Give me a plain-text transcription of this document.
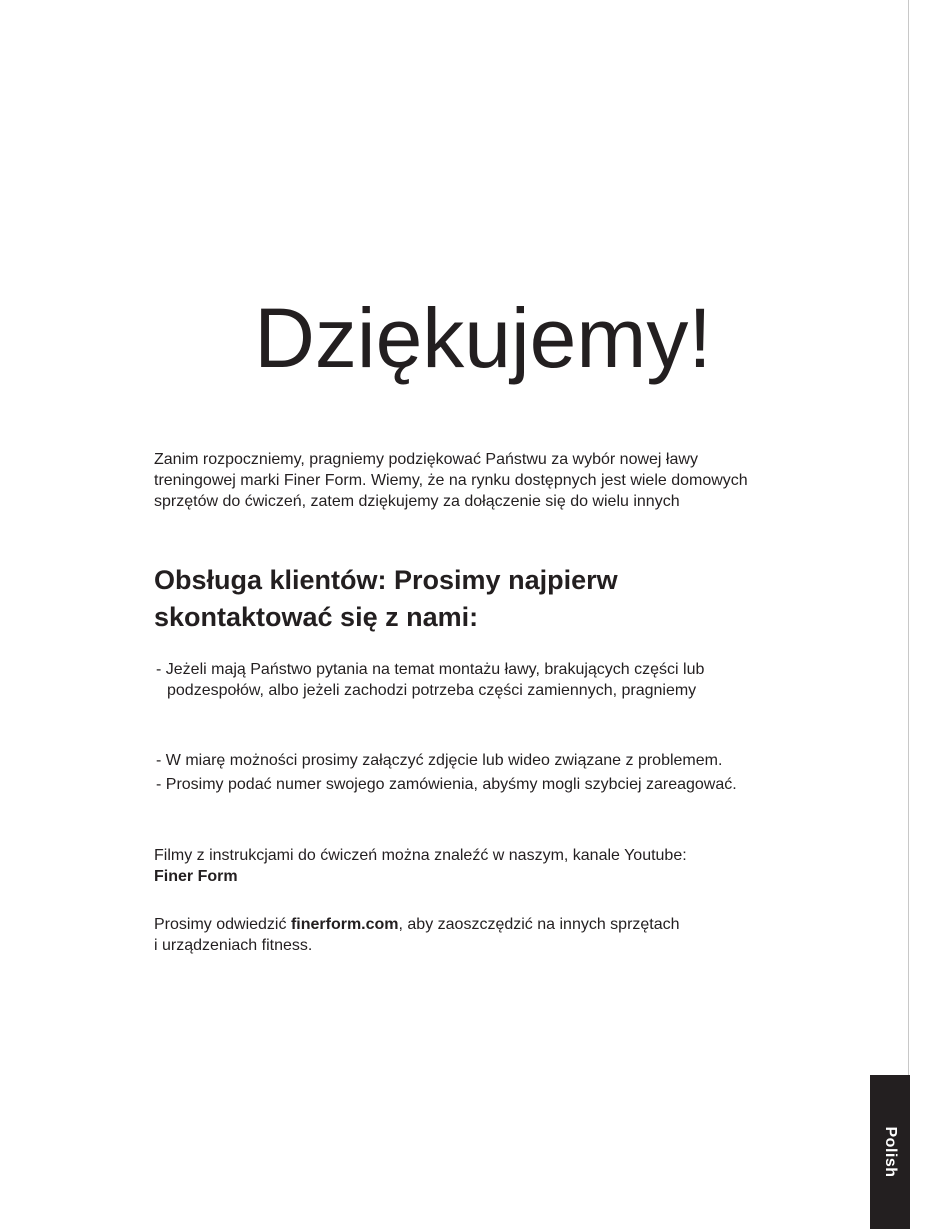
Dziękujemy!
Zanim rozpoczniemy, pragniemy podziękować Państwu za wybór nowej ławy
treningowej marki Finer Form. Wiemy, że na rynku dostępnych jest wiele domowych
sprzętów do ćwiczeń, zatem dziękujemy za dołączenie się do wielu innych
Obsługa klientów: Prosimy najpierw
skontaktować się z nami:
- Jeżeli mają Państwo pytania na temat montażu ławy, brakujących części lub
podzespołów, albo jeżeli zachodzi potrzeba części zamiennych, pragniemy
- W miarę możności prosimy załączyć zdjęcie lub wideo związane z problemem.
- Prosimy podać numer swojego zamówienia, abyśmy mogli szybciej zareagować.
Filmy z instrukcjami do ćwiczeń można znaleźć w naszym, kanale Youtube:
Finer Form
Prosimy odwiedzić finerform.com, aby zaoszczędzić na innych sprzętach
i urządzeniach fitness.
Polish
